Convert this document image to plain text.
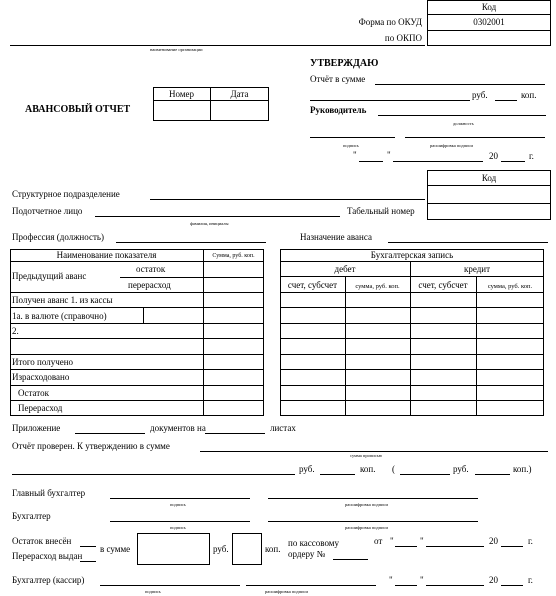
Код
Форма по ОКУД	0302001
по ОКПО
наименование организации
УТВЕРЖДАЮ
Отчёт в сумме
руб.	коп.
Руководитель
должность
подпись	расшифровка подписи
"	"	20	г.
АВАНСОВЫЙ ОТЧЕТ
Номер	Дата
Код
Структурное подразделение
Подотчетное лицо
фамилия, инициалы
Табельный номер
Профессия (должность)	Назначение аванса
Наименование показателя	Сумма, руб. коп.
Предыдущий аванс
остаток
перерасход
Получен аванс 1. из кассы
1а. в валюте (справочно)
2.
Итого получено
Израсходовано
Остаток
Перерасход
Бухгалтерская запись
дебет	кредит
счет, субсчет	сумма, руб. коп.	счет, субсчет	сумма, руб. коп.
Приложение	документов на	листах
Отчёт проверен. К утверждению в сумме
сумма прописью
руб.	коп. (	руб.	коп.)
Главный бухгалтер
подпись	расшифровка подписи
Бухгалтер
подпись	расшифровка подписи
Остаток внесён
Перерасход выдан
в сумме	руб.	коп.
по кассовому
ордеру №
от "	"	20	г.
Бухгалтер (кассир)
подпись	расшифровка подписи
"	"	20	г.
